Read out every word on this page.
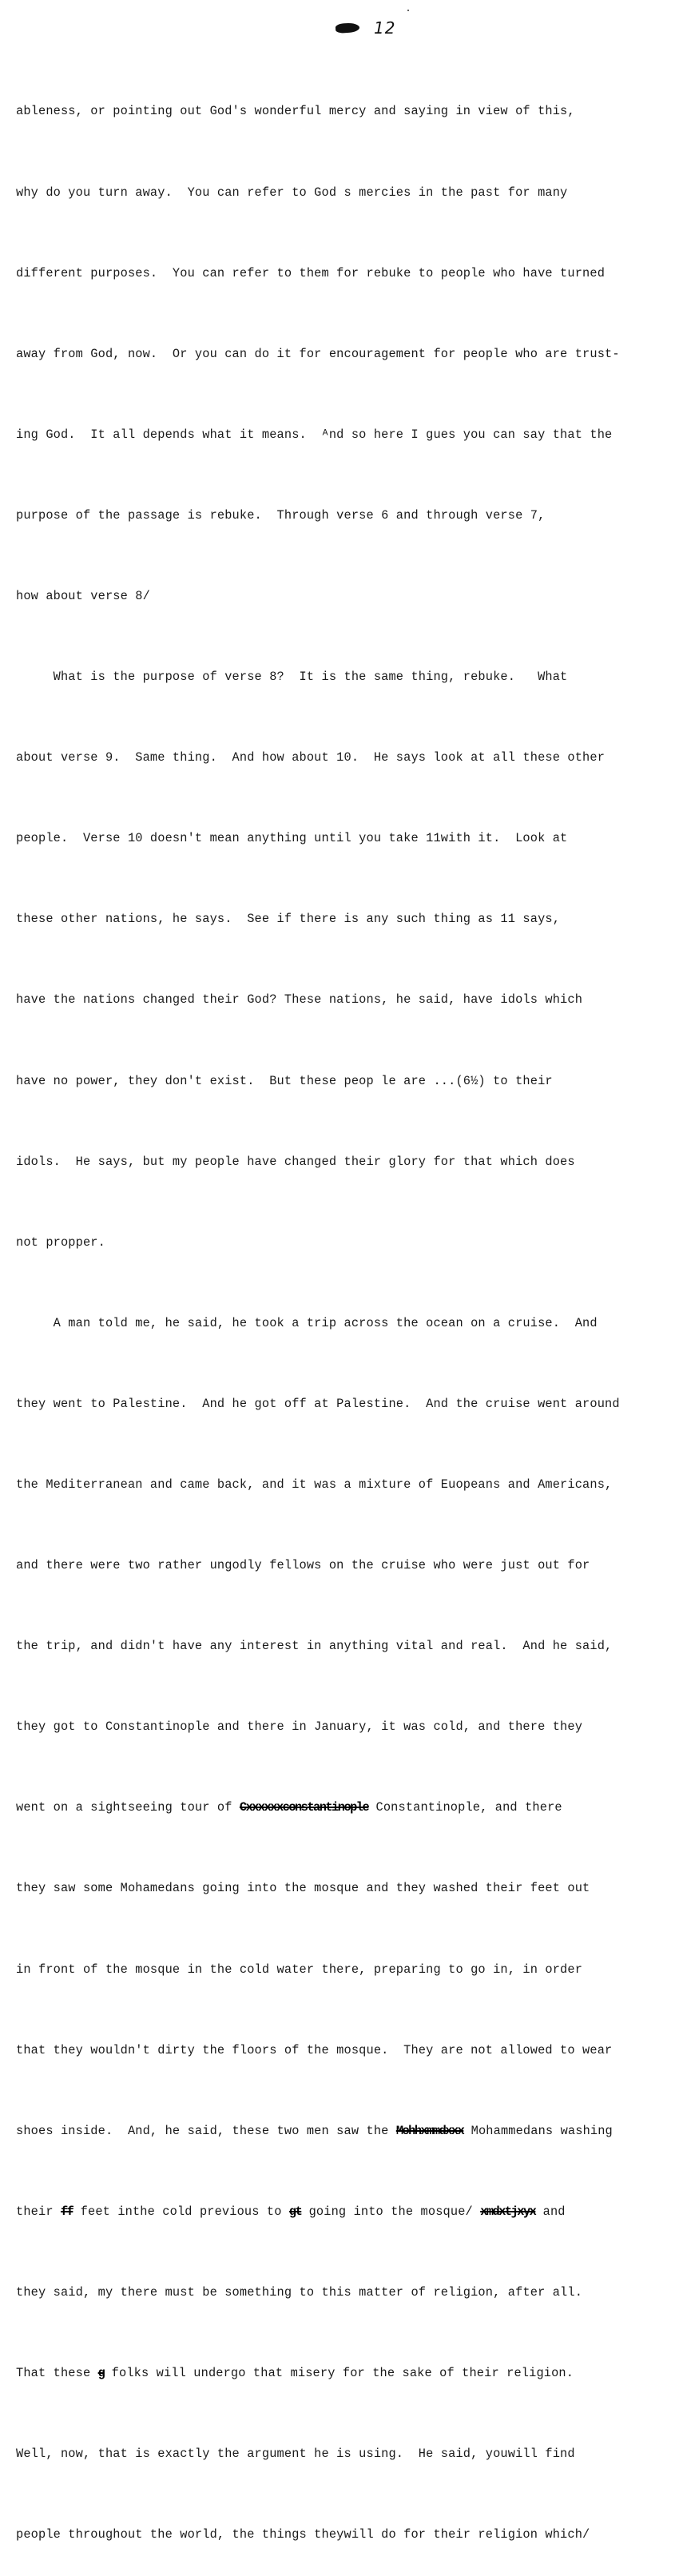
12

ableness, or pointing out God's wonderful mercy and saying in view of this,

why do you turn away.  You can refer to God s mercies in the past for many

different purposes.  You can refer to them for rebuke to people who have turned

away from God, now.  Or you can do it for encouragement for people who are trust-

ing God.  It all depends what it means.  ᴬnd so here I gues you can say that the

purpose of the passage is rebuke.  Through verse 6 and through verse 7,

how about verse 8/

What is the purpose of verse 8?  It is the same thing, rebuke.   What

about verse 9.  Same thing.  And how about 10.  He says look at all these other

people.  Verse 10 doesn't mean anything until you take 11with it.  Look at

these other nations, he says.  See if there is any such thing as 11 says,

have the nations changed their God? These nations, he said, have idols which

have no power, they don't exist.  But these peop le are ...(6½) to their

idols.  He says, but my people have changed their glory for that which does

not propper.

A man told me, he said, he took a trip across the ocean on a cruise.  And

they went to Palestine.  And he got off at Palestine.  And the cruise went around

the Mediterranean and came back, and it was a mixture of Euopeans and Americans,

and there were two rather ungodly fellows on the cruise who were just out for

the trip, and didn't have any interest in anything vital and real.  And he said,

they got to Constantinople and there in January, it was cold, and there they

went on a sightseeing tour of Cxxxxxxconstantinople Constantinople, and there

they saw some Mohamedans going into the mosque and they washed their feet out

in front of the mosque in the cold water there, preparing to go in, in order

that they wouldn't dirty the floors of the mosque.  They are not allowed to wear

shoes inside.  And, he said, these two men saw the Mohhxmmdxxx Mohammedans washing

their ff feet inthe cold previous to gt going into the mosque/ xmdxtjxyx and

they said, my there must be something to this matter of religion, after all.

That these g folks will undergo that misery for the sake of their religion.

Well, now, that is exactly the argument he is using.  He said, youwill find

people throughout the world, the things theywill do for their religion which/
